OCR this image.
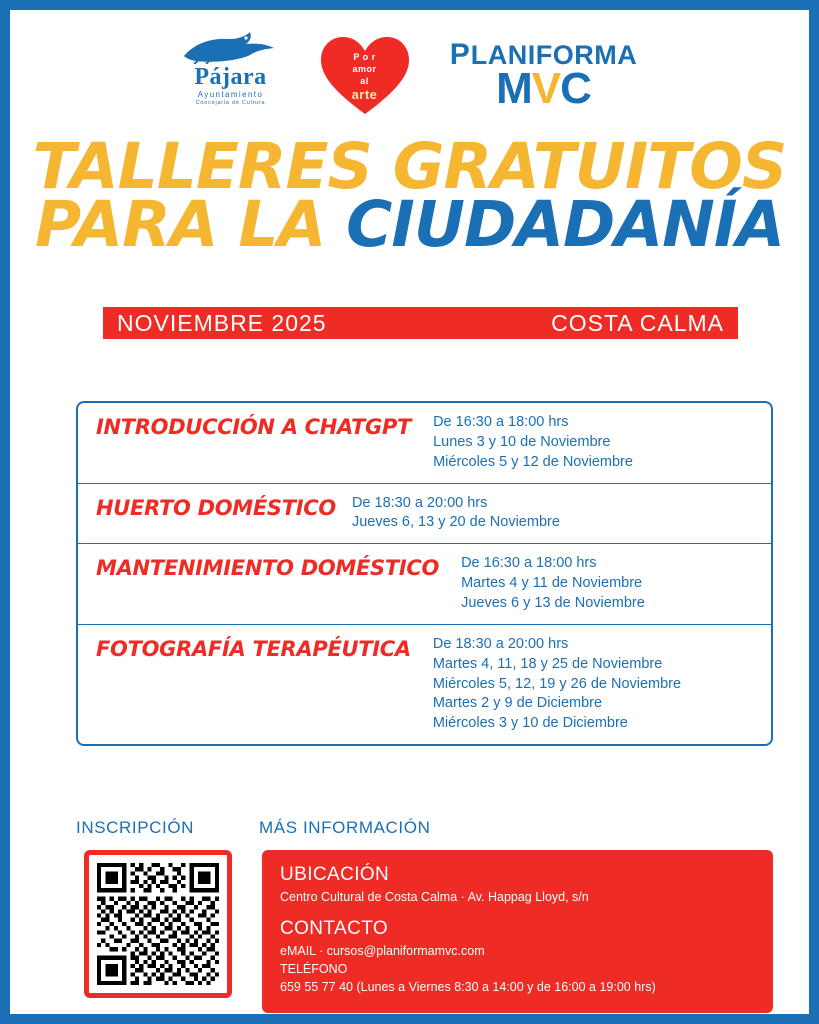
Pájara
Ayuntamiento
Concejalía de Cultura
P o r
amor
al
arte
P LANIFORMA
MVC
TALLERES GRATUITOS
PARA LA CIUDADANÍA
NOVIEMBRE 2025	COSTA CALMA
INTRODUCCIÓN A CHATGPT De 16:30 a 18:00 hrs
Lunes 3 y 10 de Noviembre
Miércoles 5 y 12 de Noviembre
HUERTO DOMÉSTICO De 18:30 a 20:00 hrs
Jueves 6, 13 y 20 de Noviembre
MANTENIMIENTO DOMÉSTICO De 16:30 a 18:00 hrs
Martes 4 y 11 de Noviembre
Jueves 6 y 13 de Noviembre
FOTOGRAFÍA TERAPÉUTICA De 18:30 a 20:00 hrs
Martes 4, 11, 18 y 25 de Noviembre
Miércoles 5, 12, 19 y 26 de Noviembre
Martes 2 y 9 de Diciembre
Miércoles 3 y 10 de Diciembre
INSCRIPCIÓN	MÁS INFORMACIÓN
UBICACIÓN
Centro Cultural de Costa Calma · Av. Happag Lloyd, s/n
CONTACTO
eMAIL · cursos@planiformamvc.com
TELÉFONO
659 55 77 40 (Lunes a Viernes 8:30 a 14:00 y de 16:00 a 19:00 hrs)
